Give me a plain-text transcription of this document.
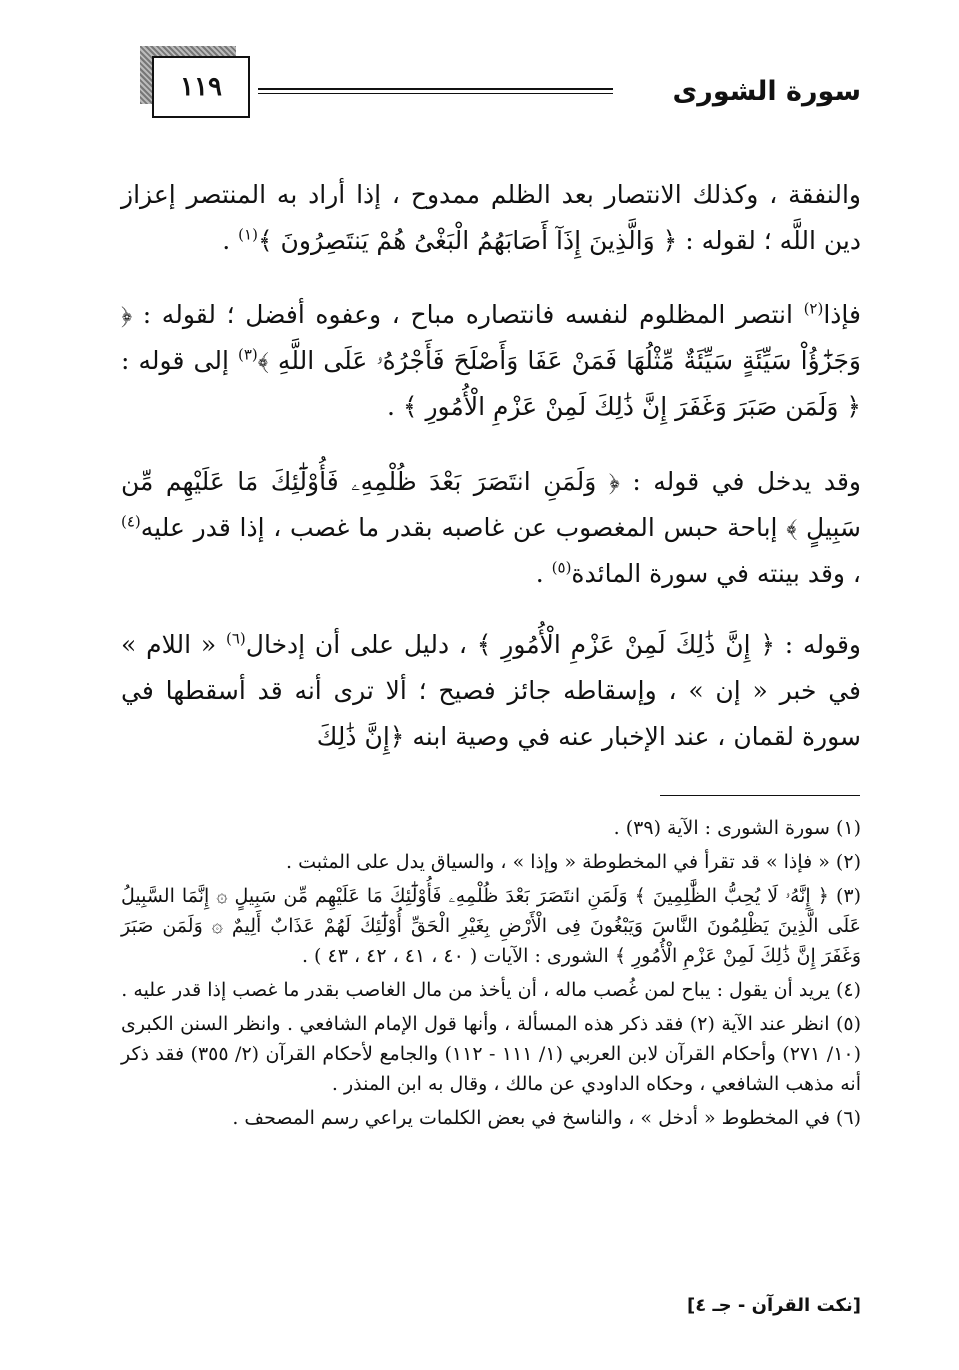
١١٩	سورة الشورى
والنفقة ، وكذلك الانتصار بعد الظلم ممدوح ، إذا أراد به المنتصر إعزاز دين اللَّه ؛ لقوله : ﴿ وَالَّذِينَ إِذَآ أَصَابَهُمُ الْبَغْىُ هُمْ يَنتَصِرُونَ ﴾$^{(١)}$ .
فإذا$^{(٢)}$ انتصر المظلوم لنفسه فانتصاره مباح ، وعفوه أفضل ؛ لقوله : ﴿ وَجَزَٰٓؤُاْ سَيِّئَةٍ سَيِّئَةٌ مِّثْلُهَا فَمَنْ عَفَا وَأَصْلَحَ فَأَجْرُهُۥ عَلَى اللَّهِ ﴾$^{(٣)}$ إلى قوله : ﴿ وَلَمَن صَبَرَ وَغَفَرَ إِنَّ ذَٰلِكَ لَمِنْ عَزْمِ الْأُمُورِ ﴾ .
وقد يدخل في قوله : ﴿ وَلَمَنِ انتَصَرَ بَعْدَ ظُلْمِهِۦ فَأُوْلَٰٓئِكَ مَا عَلَيْهِم مِّن سَبِيلٍ ﴾ إباحة حبس المغصوب عن غاصبه بقدر ما غصب ، إذا قدر عليه$^{(٤)}$ ، وقد بينته في سورة المائدة$^{(٥)}$ .
وقوله : ﴿ إِنَّ ذَٰلِكَ لَمِنْ عَزْمِ الْأُمُورِ ﴾ ، دليل على أن إدخال$^{(٦)}$ « اللام » في خبر « إن » ، وإسقاطه جائز فصيح ؛ ألا ترى أنه قد أسقطها في سورة لقمان ، عند الإخبار عنه في وصية ابنه ﴿إِنَّ ذَٰلِكَ

(١) سورة الشورى : الآية (٣٩) .

(٢) « فإذا » قد تقرأ في المخطوطة « وإذا » ، والسياق يدل على المثبت .

(٣) ﴿ إِنَّهُۥ لَا يُحِبُّ الظَّٰلِمِينَ ﴾ وَلَمَنِ انتَصَرَ بَعْدَ ظُلْمِهِۦ فَأُوْلَٰٓئِكَ مَا عَلَيْهِم مِّن سَبِيلٍ ۞ إِنَّمَا السَّبِيلُ عَلَى الَّذِينَ يَظْلِمُونَ النَّاسَ وَيَبْغُونَ فِى الْأَرْضِ بِغَيْرِ الْحَقِّ أُوْلَٰٓئِكَ لَهُمْ عَذَابٌ أَلِيمٌ ۞ وَلَمَن صَبَرَ وَغَفَرَ إِنَّ ذَٰلِكَ لَمِنْ عَزْمِ الْأُمُورِ ﴾ الشورى : الآيات ( ٤٠ ، ٤١ ، ٤٢ ، ٤٣ ) .

(٤) يريد أن يقول : يباح لمن غُصب ماله ، أن يأخذ من مال الغاصب بقدر ما غصب إذا قدر عليه .

(٥) انظر عند الآية (٢) فقد ذكر هذه المسألة ، وأنها قول الإمام الشافعي . وانظر السنن الكبرى (١٠/ ٢٧١) وأحكام القرآن لابن العربي (١/ ١١١ - ١١٢) والجامع لأحكام القرآن (٢/ ٣٥٥) فقد ذكر أنه مذهب الشافعي ، وحكاه الداودي عن مالك ، وقال به ابن المنذر .

(٦) في المخطوط « أدخل » ، والناسخ في بعض الكلمات يراعي رسم المصحف .

[نكت القرآن - جـ ٤]
